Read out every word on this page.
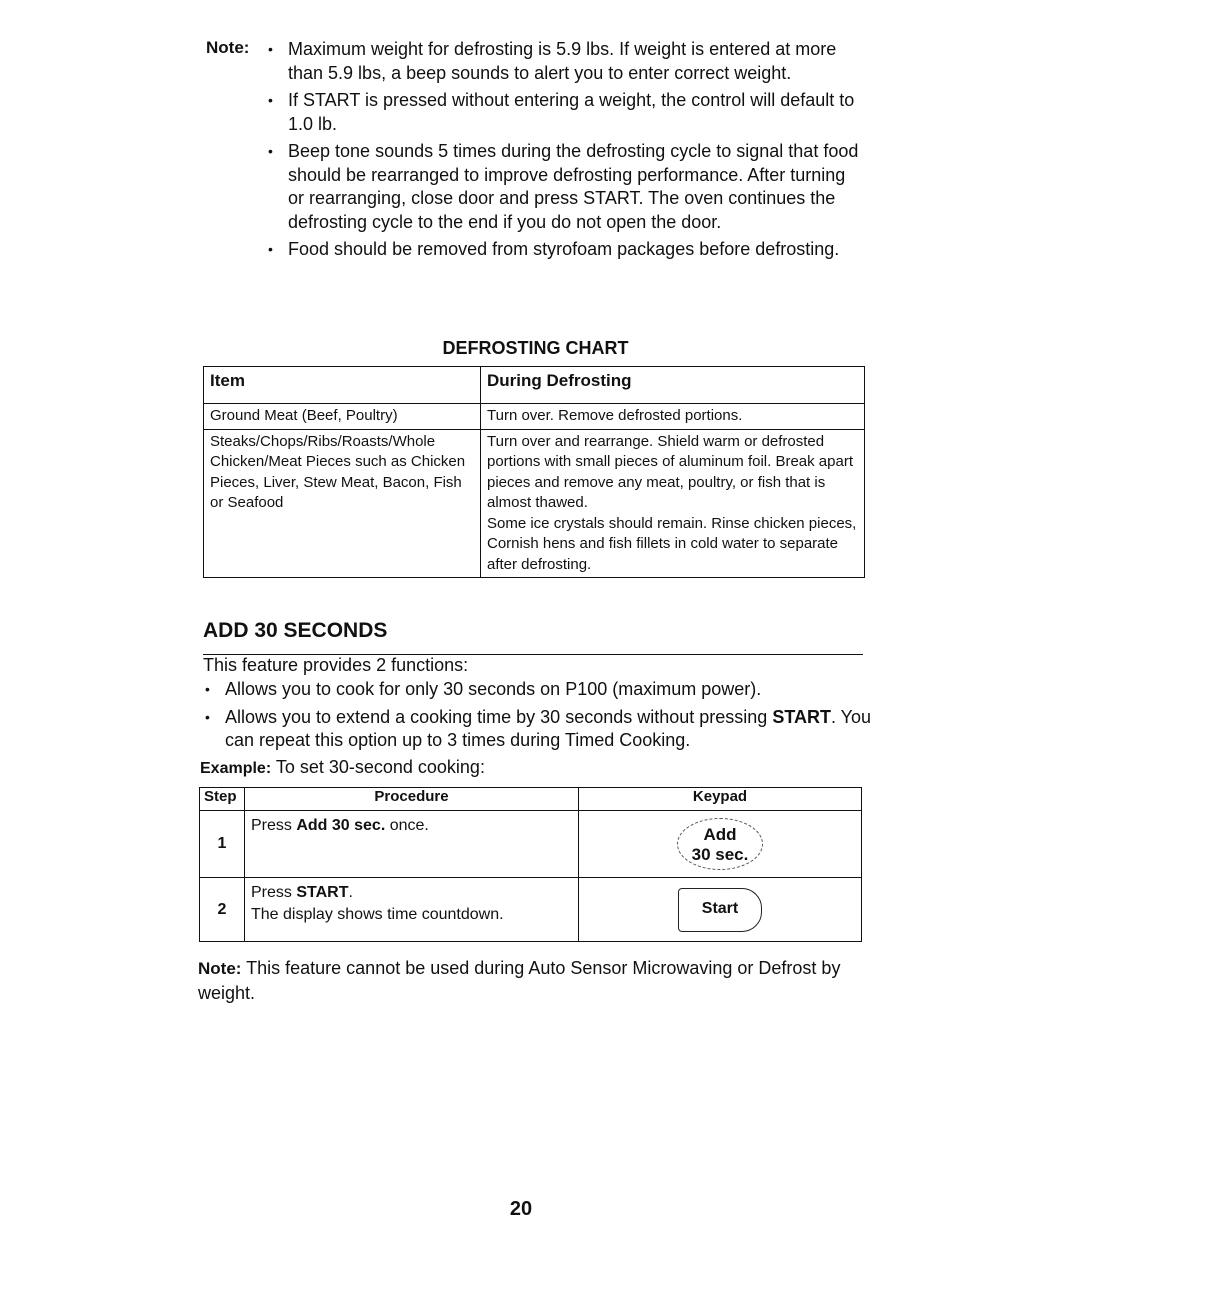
Note:	• Maximum weight for defrosting is 5.9 lbs. If weight is entered at more than 5.9 lbs, a beep sounds to alert you to enter correct weight.
• If START is pressed without entering a weight, the control will default to 1.0 lb.
• Beep tone sounds 5 times during the defrosting cycle to signal that food should be rearranged to improve defrosting performance. After turning or rearranging, close door and press START. The oven continues the defrosting cycle to the end if you do not open the door.
• Food should be removed from styrofoam packages before defrosting.
DEFROSTING CHART
Item	During Defrosting
Ground Meat (Beef, Poultry)	Turn over. Remove defrosted portions.
Steaks/Chops/Ribs/Roasts/Whole Chicken/Meat Pieces such as Chicken Pieces, Liver, Stew Meat, Bacon, Fish or Seafood	Turn over and rearrange. Shield warm or defrosted portions with small pieces of aluminum foil. Break apart pieces and remove any meat, poultry, or fish that is almost thawed.
Some ice crystals should remain. Rinse chicken pieces, Cornish hens and fish fillets in cold water to separate after defrosting.
ADD 30 SECONDS
This feature provides 2 functions:
• Allows you to cook for only 30 seconds on P100 (maximum power).
• Allows you to extend a cooking time by 30 seconds without pressing START. You can repeat this option up to 3 times during Timed Cooking.
Example: To set 30-second cooking:
Step	Procedure	Keypad
1	Press Add 30 sec. once.	Add
30 sec.

2	Press START.
The display shows time countdown.	Start
Note: This feature cannot be used during Auto Sensor Microwaving or Defrost by weight.
20
